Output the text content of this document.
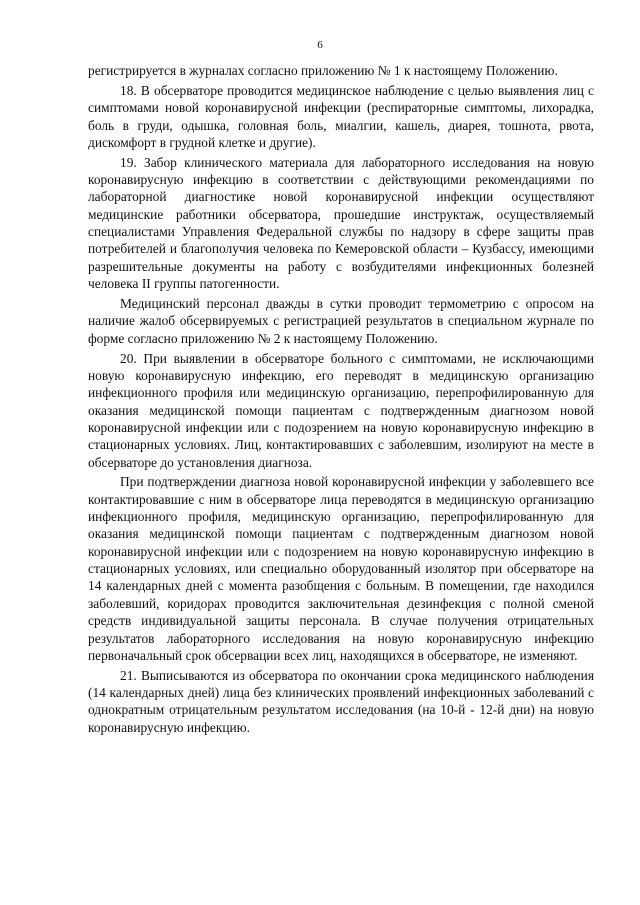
6

регистрируется в журналах согласно приложению № 1 к настоящему Положению.

18. В обсерваторе проводится медицинское наблюдение с целью выявления лиц с симптомами новой коронавирусной инфекции (респираторные симптомы, лихорадка, боль в груди, одышка, головная боль, миалгии, кашель, диарея, тошнота, рвота, дискомфорт в грудной клетке и другие).

19. Забор клинического материала для лабораторного исследования на новую коронавирусную инфекцию в соответствии с действующими рекомендациями по лабораторной диагностике новой коронавирусной инфекции осуществляют медицинские работники обсерватора, прошедшие инструктаж, осуществляемый специалистами Управления Федеральной службы по надзору в сфере защиты прав потребителей и благополучия человека по Кемеровской области – Кузбассу, имеющими разрешительные документы на работу с возбудителями инфекционных болезней человека II группы патогенности.

Медицинский персонал дважды в сутки проводит термометрию с опросом на наличие жалоб обсервируемых с регистрацией результатов в специальном журнале по форме согласно приложению № 2 к настоящему Положению.

20. При выявлении в обсерваторе больного с симптомами, не исключающими новую коронавирусную инфекцию, его переводят в медицинскую организацию инфекционного профиля или медицинскую организацию, перепрофилированную для оказания медицинской помощи пациентам с подтвержденным диагнозом новой коронавирусной инфекции или с подозрением на новую коронавирусную инфекцию в стационарных условиях. Лиц, контактировавших с заболевшим, изолируют на месте в обсерваторе до установления диагноза.

При подтверждении диагноза новой коронавирусной инфекции у заболевшего все контактировавшие с ним в обсерваторе лица переводятся в медицинскую организацию инфекционного профиля, медицинскую организацию, перепрофилированную для оказания медицинской помощи пациентам с подтвержденным диагнозом новой коронавирусной инфекции или с подозрением на новую коронавирусную инфекцию в стационарных условиях, или специально оборудованный изолятор при обсерваторе на 14 календарных дней с момента разобщения с больным. В помещении, где находился заболевший, коридорах проводится заключительная дезинфекция с полной сменой средств индивидуальной защиты персонала. В случае получения отрицательных результатов лабораторного исследования на новую коронавирусную инфекцию первоначальный срок обсервации всех лиц, находящихся в обсерваторе, не изменяют.

21. Выписываются из обсерватора по окончании срока медицинского наблюдения (14 календарных дней) лица без клинических проявлений инфекционных заболеваний с однократным отрицательным результатом исследования (на 10-й - 12-й дни) на новую коронавирусную инфекцию.
